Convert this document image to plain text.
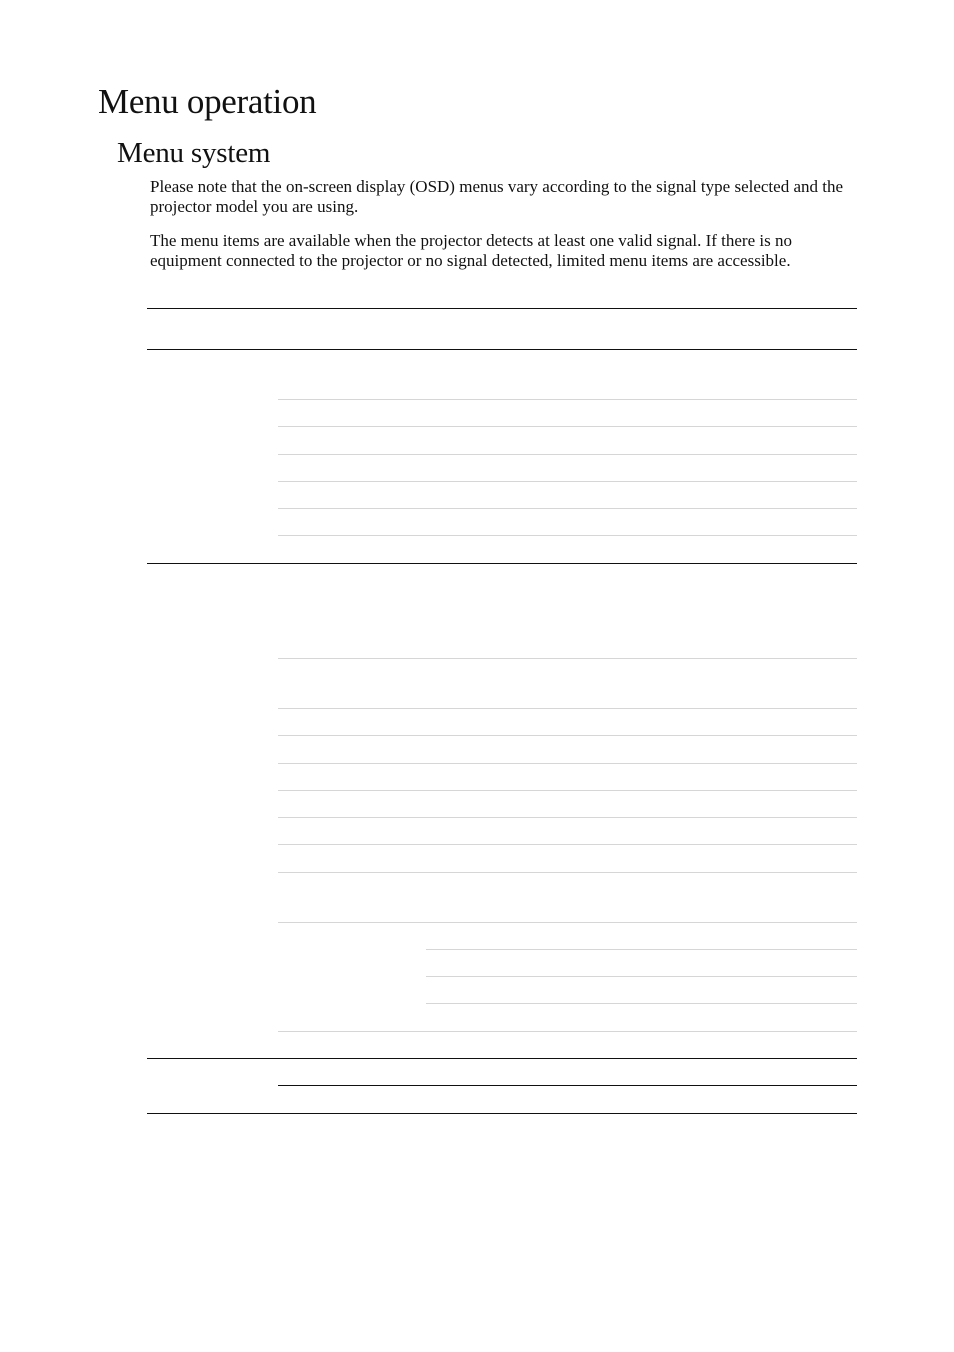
Menu operation
Menu system

Please note that the on-screen display (OSD) menus vary according to the signal type selected and the projector model you are using.

The menu items are available when the projector detects at least one valid signal. If there is no equipment connected to the projector or no signal detected, limited menu items are accessible.
